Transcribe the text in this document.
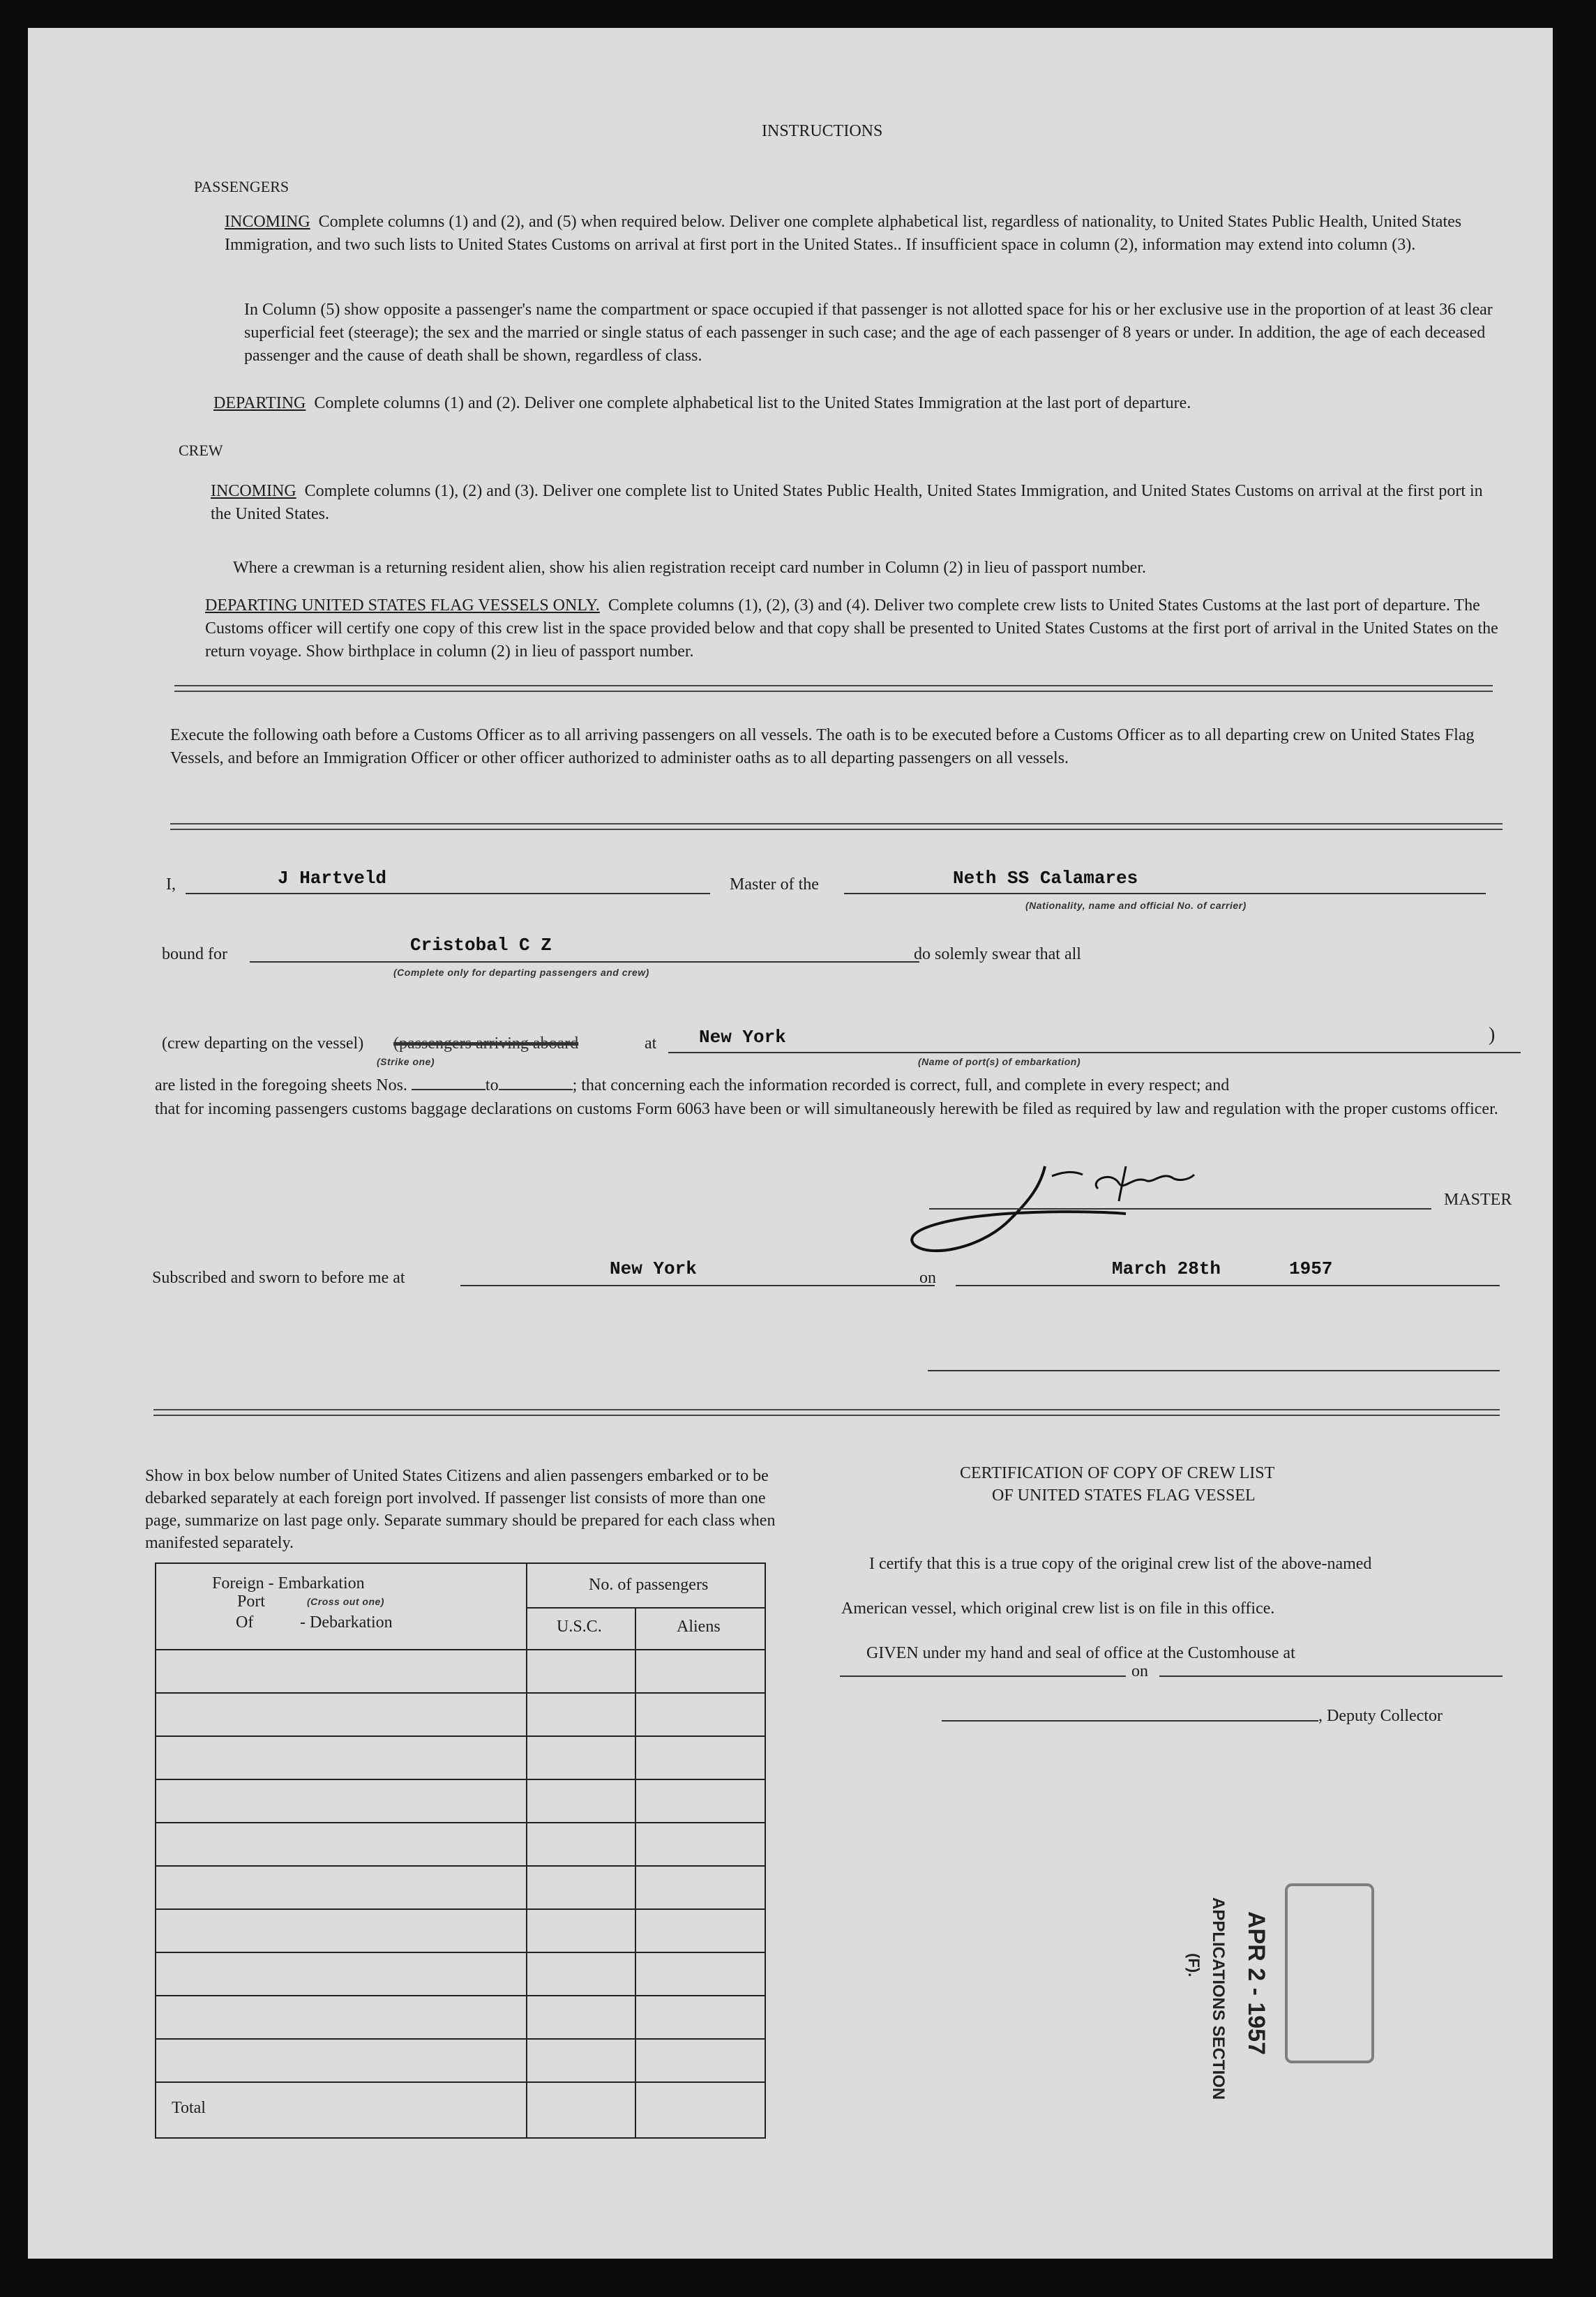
INSTRUCTIONS
PASSENGERS
INCOMING Complete columns (1) and (2), and (5) when required below. Deliver one complete alphabetical list, regardless of nationality, to United States Public Health, United States Immigration, and two such lists to United States Customs on arrival at first port in the United States.. If insufficient space in column (2), information may extend into column (3).
In Column (5) show opposite a passenger's name the compartment or space occupied if that passenger is not allotted space for his or her exclusive use in the proportion of at least 36 clear superficial feet (steerage); the sex and the married or single status of each passenger in such case; and the age of each passenger of 8 years or under. In addition, the age of each deceased passenger and the cause of death shall be shown, regardless of class.
DEPARTING Complete columns (1) and (2). Deliver one complete alphabetical list to the United States Immigration at the last port of departure.
CREW
INCOMING Complete columns (1), (2) and (3). Deliver one complete list to United States Public Health, United States Immigration, and United States Customs on arrival at the first port in the United States.
Where a crewman is a returning resident alien, show his alien registration receipt card number in Column (2) in lieu of passport number.
DEPARTING UNITED STATES FLAG VESSELS ONLY. Complete columns (1), (2), (3) and (4). Deliver two complete crew lists to United States Customs at the last port of departure. The Customs officer will certify one copy of this crew list in the space provided below and that copy shall be presented to United States Customs at the first port of arrival in the United States on the return voyage. Show birthplace in column (2) in lieu of passport number.
Execute the following oath before a Customs Officer as to all arriving passengers on all vessels. The oath is to be executed before a Customs Officer as to all departing crew on United States Flag Vessels, and before an Immigration Officer or other officer authorized to administer oaths as to all departing passengers on all vessels.
I,	J Hartveld	Master of the	Neth SS Calamares
(Nationality, name and official No. of carrier)
bound for	Cristobal C Z
(Complete only for departing passengers and crew)
do solemly swear that all
(crew departing on the vessel) (passengers arriving aboard	at
(Strike one)
New York
(Name of port(s) of embarkation)
)
are listed in the foregoing sheets Nos.	to	; that concerning each the information recorded is correct, full, and complete in every respect; and
that for incoming passengers customs baggage declarations on customs Form 6063 have been or will simultaneously herewith be filed as required by law and regulation with the proper customs officer.
MASTER
Subscribed and sworn to before me at	New York	on	March 28th	1957
Show in box below number of United States Citizens and alien passengers embarked or to be debarked separately at each foreign port involved. If passenger list consists of more than one page, summarize on last page only. Separate summary should be prepared for each class when manifested separately.
Foreign - Embarkation
Port	(Cross out one)
Of	- Debarkation
No. of passengers
U.S.C.	Aliens
Total
CERTIFICATION OF COPY OF CREW LIST
OF UNITED STATES FLAG VESSEL
I certify that this is a true copy of the original crew list of the above-named
American vessel, which original crew list is on file in this office.
GIVEN under my hand and seal of office at the Customhouse at
on
, Deputy Collector
APR 2 - 1957
APPLICATIONS SECTION
(F).
